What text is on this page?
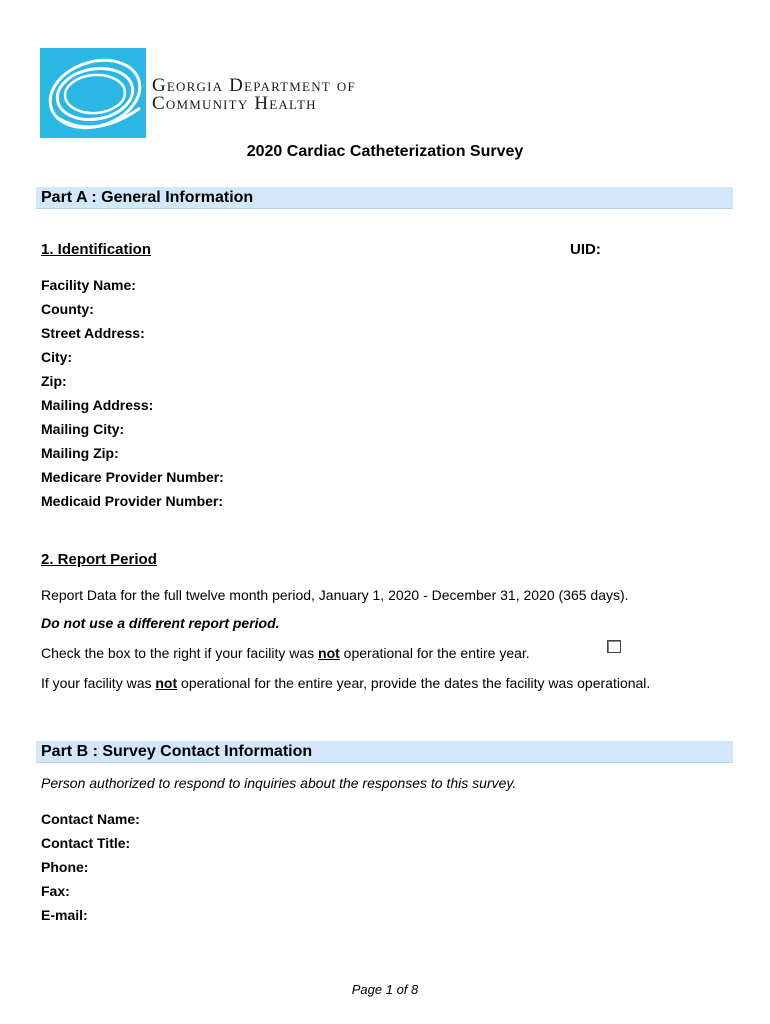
Georgia Department of
Community Health
2020 Cardiac Catheterization Survey
Part A : General Information
1. Identification	UID:
Facility Name:
County:
Street Address:
City:
Zip:
Mailing Address:
Mailing City:
Mailing Zip:
Medicare Provider Number:
Medicaid Provider Number:
2. Report Period
Report Data for the full twelve month period, January 1, 2020 - December 31, 2020 (365 days).
Do not use a different report period.
Check the box to the right if your facility was not operational for the entire year.
If your facility was not operational for the entire year, provide the dates the facility was operational.
Part B : Survey Contact Information
Person authorized to respond to inquiries about the responses to this survey.
Contact Name:
Contact Title:
Phone:
Fax:
E-mail:
Page 1 of 8
